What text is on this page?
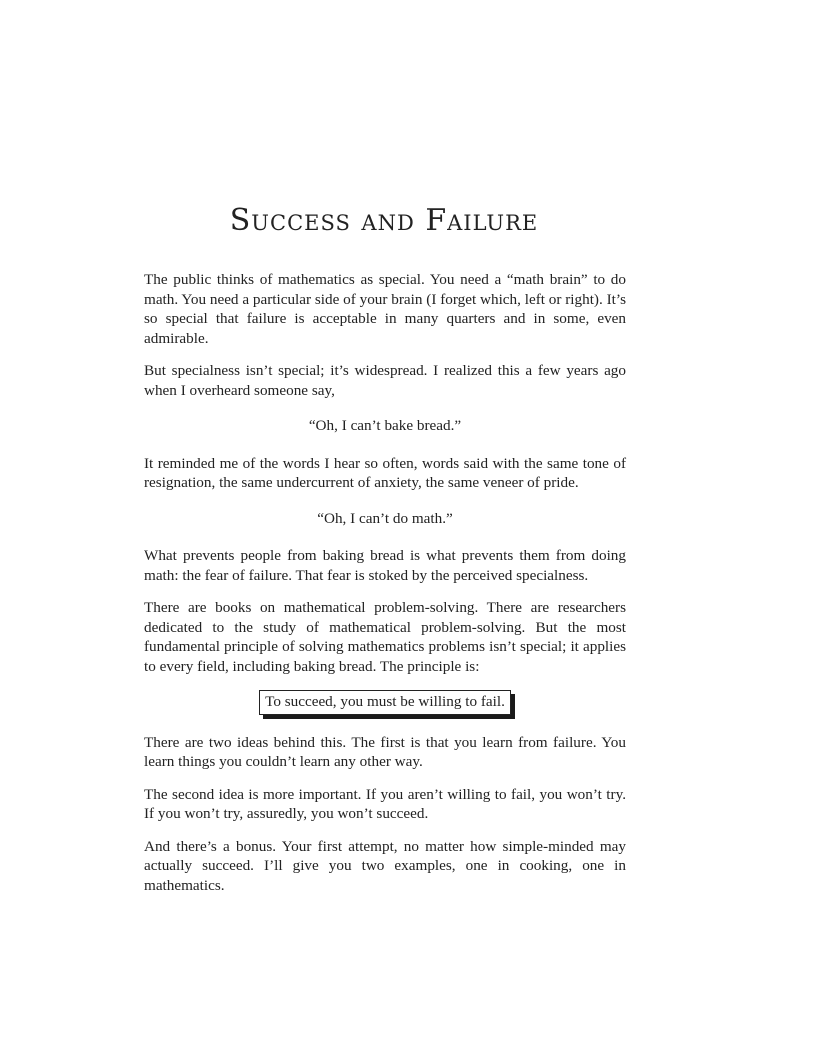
Success and Failure

The public thinks of mathematics as special. You need a “math brain” to do math. You need a particular side of your brain (I forget which, left or right). It’s so special that failure is acceptable in many quarters and in some, even admirable.

But specialness isn’t special; it’s widespread. I realized this a few years ago when I overheard someone say,

“Oh, I can’t bake bread.”

It reminded me of the words I hear so often, words said with the same tone of resignation, the same undercurrent of anxiety, the same veneer of pride.

“Oh, I can’t do math.”

What prevents people from baking bread is what prevents them from doing math: the fear of failure. That fear is stoked by the perceived specialness.

There are books on mathematical problem-solving. There are researchers dedicated to the study of mathematical problem-solving. But the most fundamental principle of solving mathematics problems isn’t special; it applies to every field, including baking bread. The principle is:

To succeed, you must be willing to fail.

There are two ideas behind this. The first is that you learn from failure. You learn things you couldn’t learn any other way.

The second idea is more important. If you aren’t willing to fail, you won’t try. If you won’t try, assuredly, you won’t succeed.

And there’s a bonus. Your first attempt, no matter how simple-minded may actually succeed. I’ll give you two examples, one in cooking, one in mathematics.
